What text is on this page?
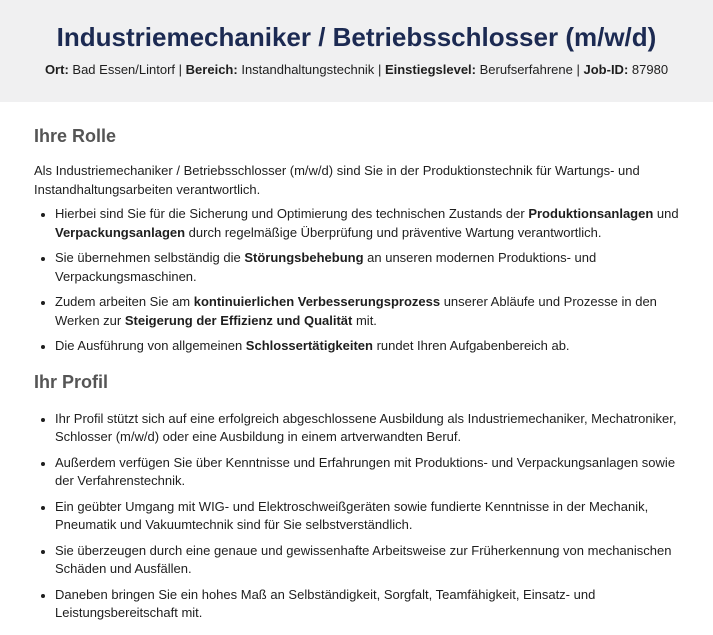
Industriemechaniker / Betriebsschlosser (m/w/d)
Ort: Bad Essen/Lintorf | Bereich: Instandhaltungstechnik | Einstiegslevel: Berufserfahrene | Job-ID: 87980
Ihre Rolle

Als Industriemechaniker / Betriebsschlosser (m/w/d) sind Sie in der Produktionstechnik für Wartungs- und Instandhaltungsarbeiten verantwortlich.

• Hierbei sind Sie für die Sicherung und Optimierung des technischen Zustands der Produktionsanlagen und Verpackungsanlagen durch regelmäßige Überprüfung und präventive Wartung verantwortlich.
• Sie übernehmen selbständig die Störungsbehebung an unseren modernen Produktions- und Verpackungsmaschinen.
• Zudem arbeiten Sie am kontinuierlichen Verbesserungsprozess unserer Abläufe und Prozesse in den Werken zur Steigerung der Effizienz und Qualität mit.
• Die Ausführung von allgemeinen Schlossertätigkeiten rundet Ihren Aufgabenbereich ab.
Ihr Profil
• Ihr Profil stützt sich auf eine erfolgreich abgeschlossene Ausbildung als Industriemechaniker, Mechatroniker, Schlosser (m/w/d) oder eine Ausbildung in einem artverwandten Beruf.
• Außerdem verfügen Sie über Kenntnisse und Erfahrungen mit Produktions- und Verpackungsanlagen sowie der Verfahrenstechnik.
• Ein geübter Umgang mit WIG- und Elektroschweißgeräten sowie fundierte Kenntnisse in der Mechanik, Pneumatik und Vakuumtechnik sind für Sie selbstverständlich.
• Sie überzeugen durch eine genaue und gewissenhafte Arbeitsweise zur Früherkennung von mechanischen Schäden und Ausfällen.
• Daneben bringen Sie ein hohes Maß an Selbständigkeit, Sorgfalt, Teamfähigkeit, Einsatz- und Leistungsbereitschaft mit.
